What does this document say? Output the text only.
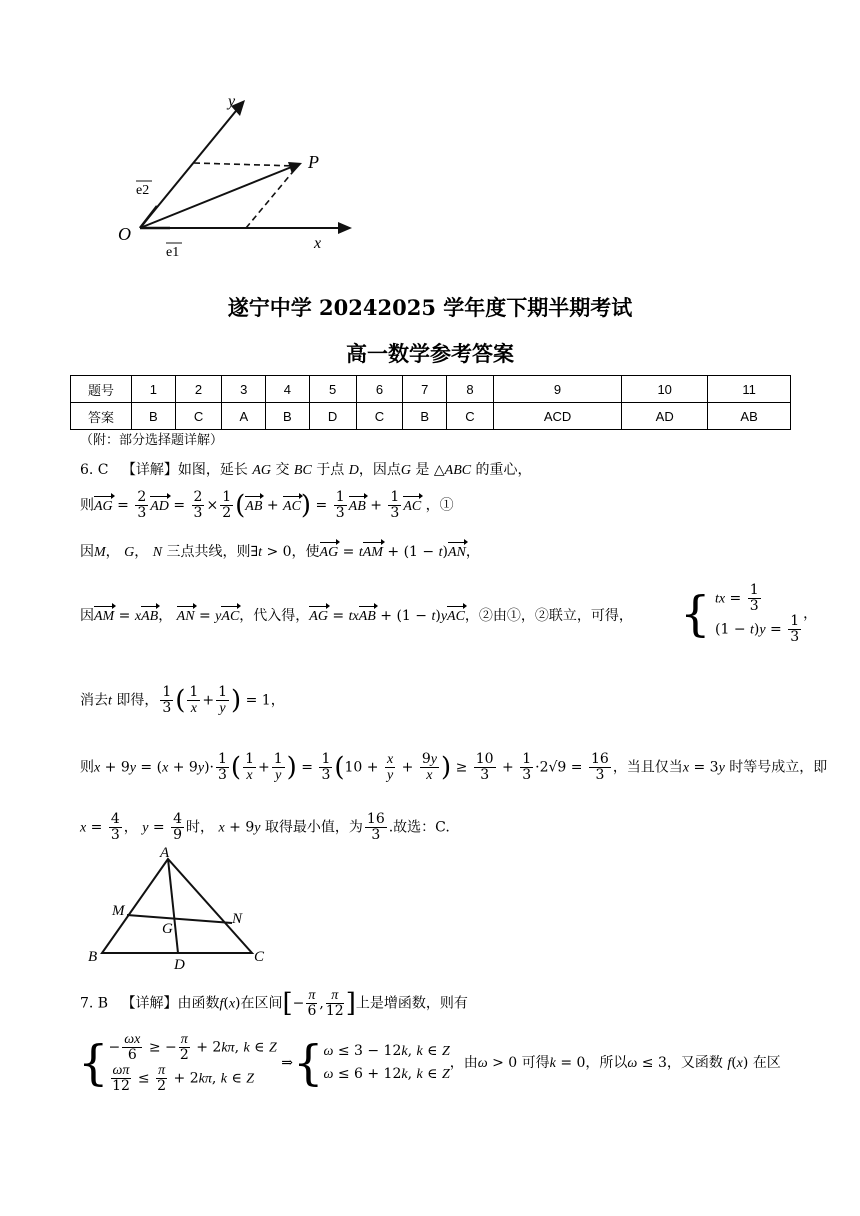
O
P
x
y
e2
e1
遂宁中学 20242025 学年度下期半期考试
高一数学参考答案
题号	1	2	3	4	5	6	7	8	9	10	11
答案	B	C	A	B	D	C	B	C	ACD	AD	AB
（附：部分选择题详解）
6. C 【详解】如图，延长 AG 交 BC 于点 D，因点G 是 △ABC 的重心，
则AG = $\frac{2}{3}$ AD = $\frac{2}{3} \times \frac{1}{2} (AB + AC) = \frac{1}{3}$ AB + $\frac{1}{3}$ AC ，①
因M， G， N 三点共线，则∃t > 0，使AG = tAM + (1 − t)AN，
因AM = xAB， AN = yAC，代入得，AG = txAB + (1 − t)yAC，②由①，②联立，可得， { tx = $\frac{1}{3}$
$(1 - t)y = \frac{1}{3}$ ，
消去t 即得， $\frac{1}{3}$ ( $\frac{1}{x} + \frac{1}{y}$ ) = 1，
则$x + 9y = (x + 9y)\cdot \frac{1}{3}$ ( $\frac{1}{x} + \frac{1}{y}$ ) = $\frac{1}{3} (10 + \frac{x}{y} + \frac{9y}{x}$ ) ≥ $\frac{10}{3} + \frac{1}{3} \cdot 2√9 = \frac{16}{3}$ ，当且仅当x = 3y 时等号成立，即
$x = \frac{4}{3}$ ， $y = \frac{4}{9}$ 时， x + 9y 取得最小值，为 $\frac{16}{3}$ .故选：C.
A
B	C
D
G
M	N
7. B 【详解】由函数f(x)在区间[− $\frac{\pi}{6}$ , $\frac{\pi}{12}$ ]上是增函数，则有
{ − $\frac{\omega x}{6}$ ≥ − $\frac{\pi}{2} + 2k\pi$, k ∈ Z
$\frac{\omega\pi}{12} \le \frac{\pi}{2} + 2k\pi$, k ∈ Z
⇒{ ω ≤ 3 − 12k, k ∈ Z
ω ≤ 6 + 12k, k ∈ Z
，由ω > 0 可得k = 0，所以ω ≤ 3，又函数 f(x) 在区
